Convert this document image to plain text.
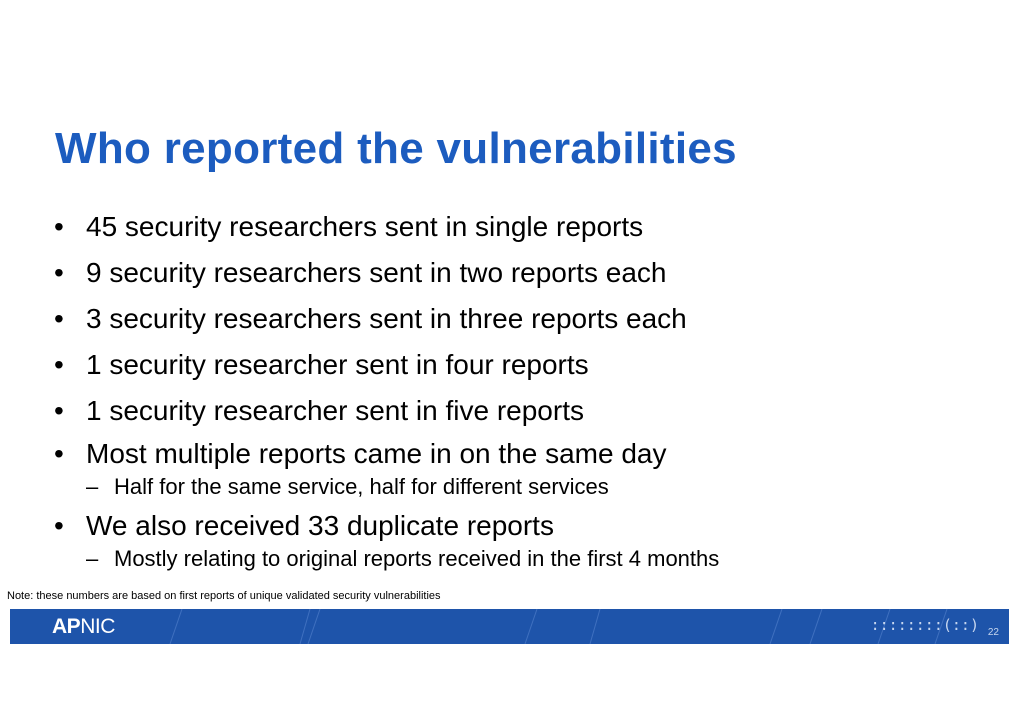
Who reported the vulnerabilities
• 45 security researchers sent in single reports
• 9 security researchers sent in two reports each
• 3 security researchers sent in three reports each
• 1 security researcher sent in four reports
• 1 security researcher sent in five reports
• Most multiple reports came in on the same day
– Half for the same service, half for different services
• We also received 33 duplicate reports
– Mostly relating to original reports received in the first 4 months
Note: these numbers are based on first reports of unique validated security vulnerabilities
APNIC	::::::::(::) 22
